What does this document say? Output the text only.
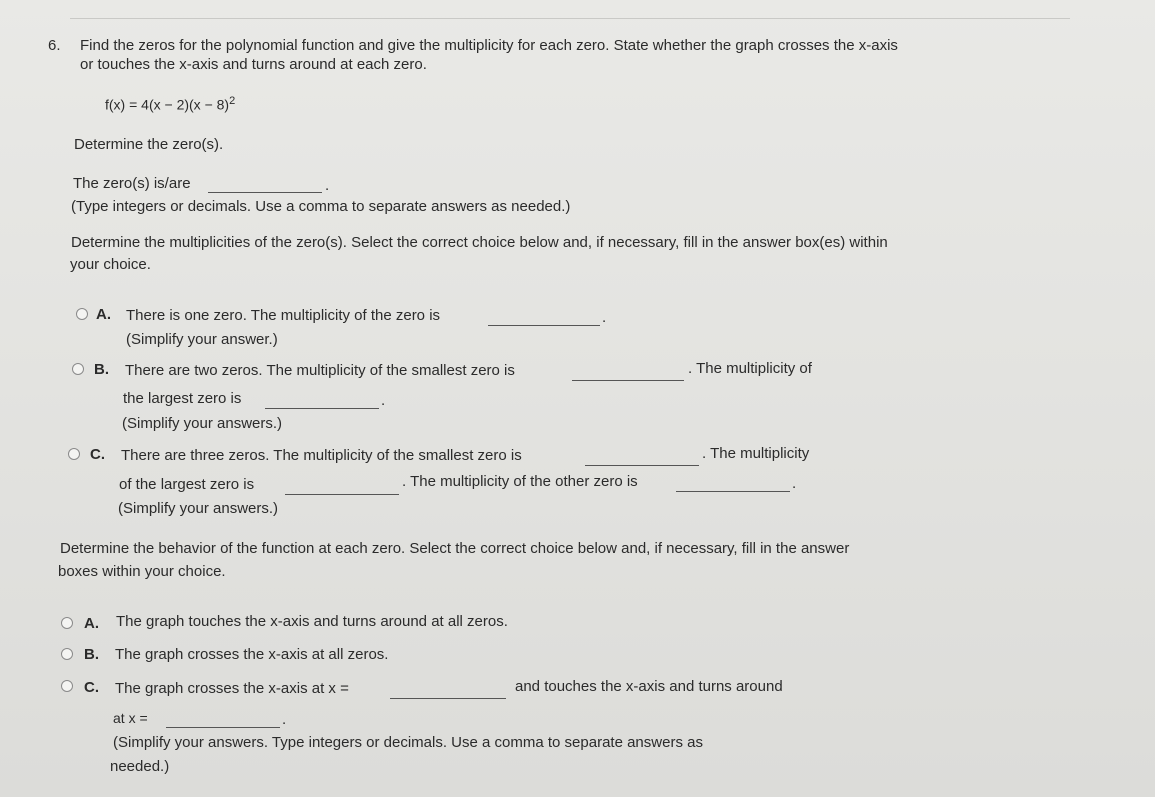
6. Find the zeros for the polynomial function and give the multiplicity for each zero. State whether the graph crosses the x-axis
or touches the x-axis and turns around at each zero.
$f(x) = 4(x - 2)(x - 8)^2$
Determine the zero(s).
The zero(s) is/are	.
(Type integers or decimals. Use a comma to separate answers as needed.)
Determine the multiplicities of the zero(s). Select the correct choice below and, if necessary, fill in the answer box(es) within
your choice.
A. There is one zero. The multiplicity of the zero is	.
(Simplify your answer.)
B. There are two zeros. The multiplicity of the smallest zero is	. The multiplicity of
the largest zero is	.
(Simplify your answers.)
C. There are three zeros. The multiplicity of the smallest zero is	. The multiplicity
of the largest zero is	. The multiplicity of the other zero is	.
(Simplify your answers.)
Determine the behavior of the function at each zero. Select the correct choice below and, if necessary, fill in the answer
boxes within your choice.
A. The graph touches the x-axis and turns around at all zeros.
B. The graph crosses the x-axis at all zeros.
C. The graph crosses the x-axis at x =	and touches the x-axis and turns around
at x =	.
(Simplify your answers. Type integers or decimals. Use a comma to separate answers as
needed.)
